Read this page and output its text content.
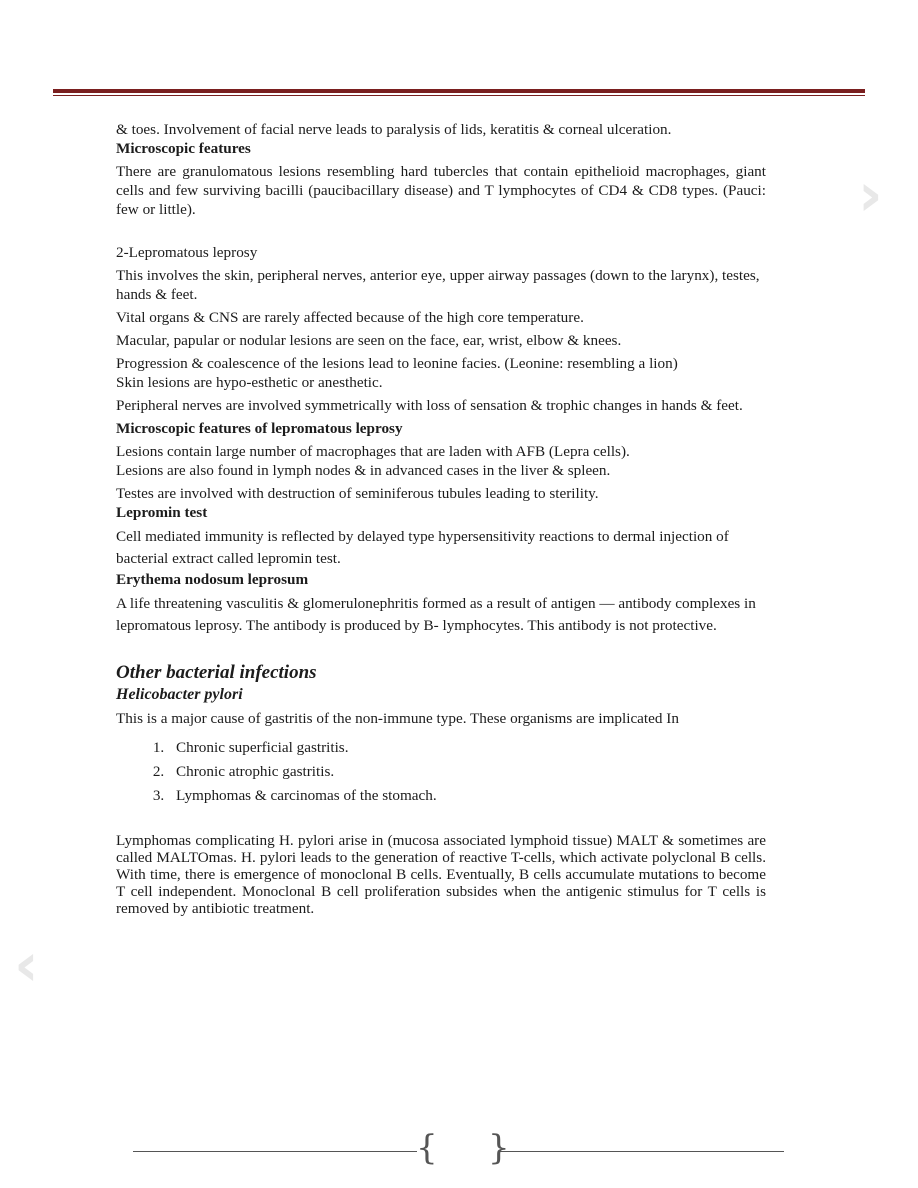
›
‹

& toes. Involvement of facial nerve leads to paralysis of lids, keratitis & corneal ulceration.

Microscopic features

There are granulomatous lesions resembling hard tubercles that contain epithelioid macrophages, giant cells and few surviving bacilli (paucibacillary disease) and T lymphocytes of CD4 & CD8 types. (Pauci: few or little).

2-Lepromatous leprosy

This involves the skin, peripheral nerves, anterior eye, upper airway passages (down to the larynx), testes, hands & feet.

Vital organs & CNS are rarely affected because of the high core temperature.

Macular, papular or nodular lesions are seen on the face, ear, wrist, elbow & knees.

Progression & coalescence of the lesions lead to leonine facies. (Leonine: resembling a lion)

Skin lesions are hypo-esthetic or anesthetic.

Peripheral nerves are involved symmetrically with loss of sensation & trophic changes in hands & feet.

Microscopic features of lepromatous leprosy

Lesions contain large number of macrophages that are laden with AFB (Lepra cells).

Lesions are also found in lymph nodes & in advanced cases in the liver & spleen.

Testes are involved with destruction of seminiferous tubules leading to sterility.

Lepromin test

Cell mediated immunity is reflected by delayed type hypersensitivity reactions to dermal injection of bacterial extract called lepromin test.

Erythema nodosum leprosum

A life threatening vasculitis & glomerulonephritis formed as a result of antigen — antibody complexes in lepromatous leprosy. The antibody is produced by B- lymphocytes. This antibody is not protective.

Other bacterial infections

Helicobacter pylori

This is a major cause of gastritis of the non-immune type. These organisms are implicated In

1. Chronic superficial gastritis.
2. Chronic atrophic gastritis.
3. Lymphomas & carcinomas of the stomach.

Lymphomas complicating H. pylori arise in (mucosa associated lymphoid tissue) MALT & sometimes are called MALTOmas. H. pylori leads to the generation of reactive T-cells, which activate polyclonal B cells. With time, there is emergence of monoclonal B cells. Eventually, B cells accumulate mutations to become T cell independent. Monoclonal B cell proliferation subsides when the antigenic stimulus for T cells is removed by antibiotic treatment.

{ }
